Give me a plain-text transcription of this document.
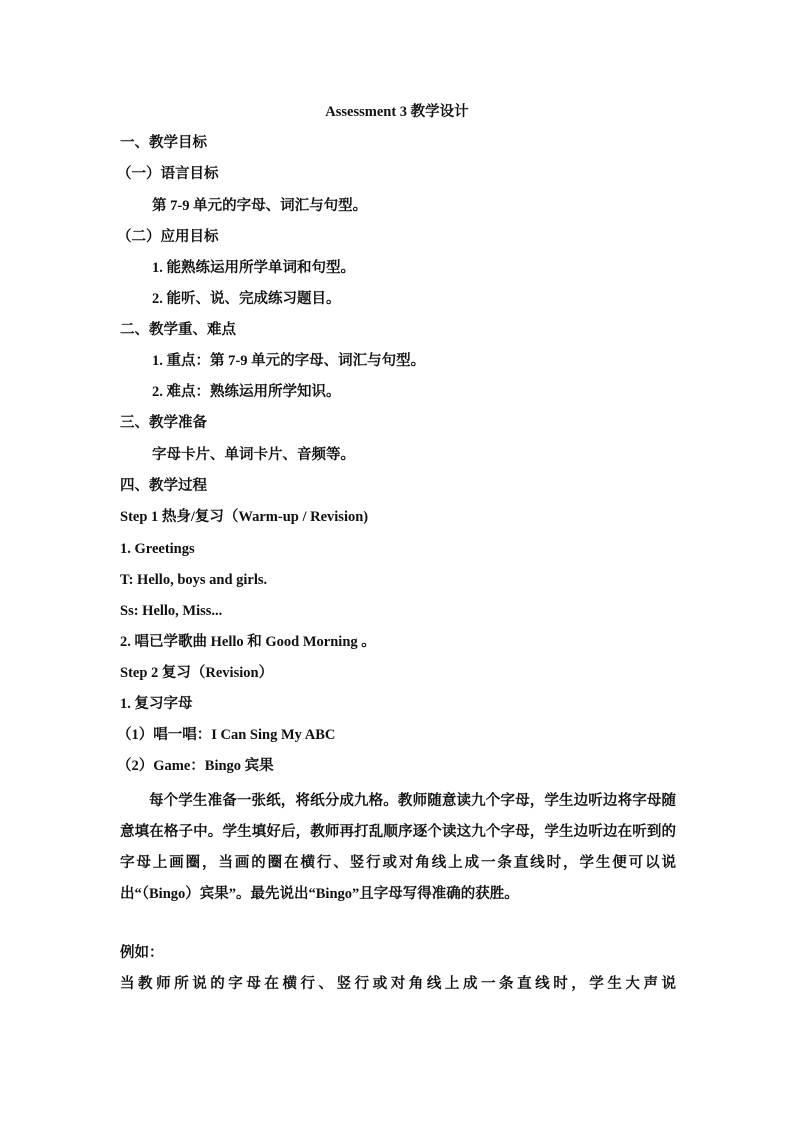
Assessment 3 教学设计
一、教学目标
（一）语言目标
第 7-9 单元的字母、词汇与句型。
（二）应用目标
1. 能熟练运用所学单词和句型。
2. 能听、说、完成练习题目。
二、教学重、难点
1. 重点：第 7-9 单元的字母、词汇与句型。
2. 难点：熟练运用所学知识。
三、教学准备
字母卡片、单词卡片、音频等。
四、教学过程
Step 1 热身/复习（Warm-up / Revision)
1. Greetings
T: Hello, boys and girls.
Ss: Hello, Miss...
2. 唱已学歌曲 Hello 和 Good Morning 。
Step 2 复习（Revision）
1. 复习字母
（1）唱一唱：I Can Sing My ABC
（2）Game：Bingo 宾果
每个学生准备一张纸，将纸分成九格。教师随意读九个字母，学生边听边将字母随意填在格子中。学生填好后，教师再打乱顺序逐个读这九个字母，学生边听边在听到的字母上画圈，当画的圈在横行、竖行或对角线上成一条直线时，学生便可以说出“（Bingo）宾果”。最先说出“Bingo”且字母写得准确的获胜。
例如：
当教师所说的字母在横行、竖行或对角线上成一条直线时，学生大声说
